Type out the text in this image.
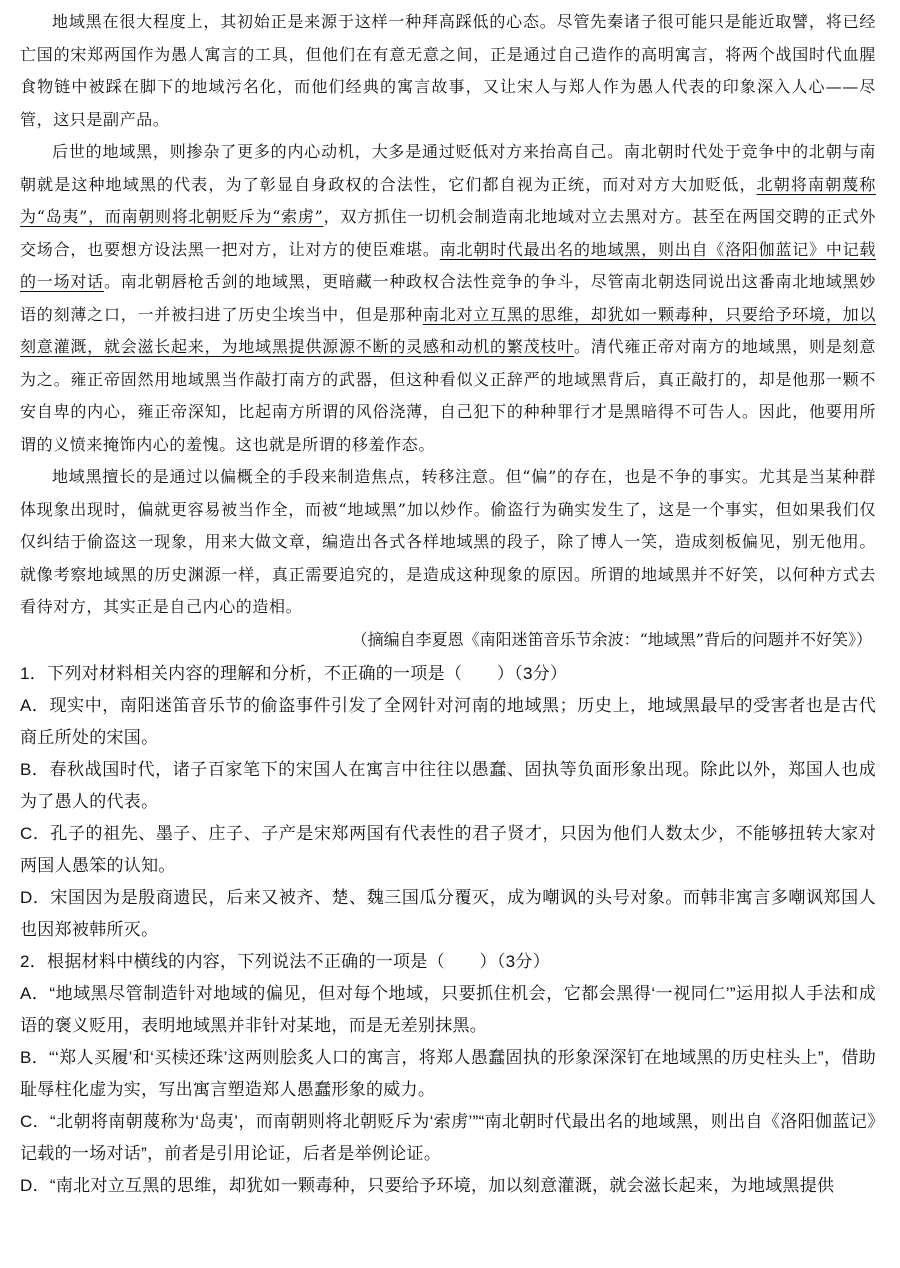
地域黑在很大程度上，其初始正是来源于这样一种拜高踩低的心态。尽管先秦诸子很可能只是能近取譬，将已经亡国的宋郑两国作为愚人寓言的工具，但他们在有意无意之间，正是通过自己造作的高明寓言，将两个战国时代血腥食物链中被踩在脚下的地域污名化，而他们经典的寓言故事，又让宋人与郑人作为愚人代表的印象深入人心——尽管，这只是副产品。

后世的地域黑，则掺杂了更多的内心动机，大多是通过贬低对方来抬高自己。南北朝时代处于竞争中的北朝与南朝就是这种地域黑的代表，为了彰显自身政权的合法性，它们都自视为正统，而对对方大加贬低，北朝将南朝蔑称为“岛夷”，而南朝则将北朝贬斥为“索虏”，双方抓住一切机会制造南北地域对立去黑对方。甚至在两国交聘的正式外交场合，也要想方设法黑一把对方，让对方的使臣难堪。南北朝时代最出名的地域黑，则出自《洛阳伽蓝记》中记载的一场对话。南北朝唇枪舌剑的地域黑，更暗藏一种政权合法性竞争的争斗，尽管南北朝迭同说出这番南北地域黑妙语的刻薄之口，一并被扫进了历史尘埃当中，但是那种南北对立互黑的思维，却犹如一颗毒种，只要给予环境，加以刻意灌溉，就会滋长起来，为地域黑提供源源不断的灵感和动机的繁茂枝叶。清代雍正帝对南方的地域黑，则是刻意为之。雍正帝固然用地域黑当作敲打南方的武器，但这种看似义正辞严的地域黑背后，真正敲打的，却是他那一颗不安自卑的内心，雍正帝深知，比起南方所谓的风俗浇薄，自己犯下的种种罪行才是黑暗得不可告人。因此，他要用所谓的义愤来掩饰内心的羞愧。这也就是所谓的移羞作态。

地域黑擅长的是通过以偏概全的手段来制造焦点，转移注意。但“偏”的存在，也是不争的事实。尤其是当某种群体现象出现时，偏就更容易被当作全，而被“地域黑”加以炒作。偷盗行为确实发生了，这是一个事实，但如果我们仅仅纠结于偷盗这一现象，用来大做文章，编造出各式各样地域黑的段子，除了博人一笑，造成刻板偏见，别无他用。就像考察地域黑的历史渊源一样，真正需要追究的，是造成这种现象的原因。所谓的地域黑并不好笑，以何种方式去看待对方，其实正是自己内心的造相。

（摘编自李夏恩《南阳迷笛音乐节余波：“地域黑”背后的问题并不好笑》）
1．下列对材料相关内容的理解和分析，不正确的一项是（　　）（3分）
A．现实中，南阳迷笛音乐节的偷盗事件引发了全网针对河南的地域黑；历史上，地域黑最早的受害者也是古代商丘所处的宋国。
B．春秋战国时代，诸子百家笔下的宋国人在寓言中往往以愚蠢、固执等负面形象出现。除此以外，郑国人也成为了愚人的代表。
C．孔子的祖先、墨子、庄子、子产是宋郑两国有代表性的君子贤才，只因为他们人数太少，不能够扭转大家对两国人愚笨的认知。
D．宋国因为是殷商遗民，后来又被齐、楚、魏三国瓜分覆灭，成为嘲讽的头号对象。而韩非寓言多嘲讽郑国人也因郑被韩所灭。
2．根据材料中横线的内容，下列说法不正确的一项是（　　）（3分）
A．“地域黑尽管制造针对地域的偏见，但对每个地域，只要抓住机会，它都会黑得‘一视同仁’”运用拟人手法和成语的褒义贬用，表明地域黑并非针对某地，而是无差别抹黑。
B．“‘郑人买履’和‘买椟还珠’这两则脍炙人口的寓言，将郑人愚蠢固执的形象深深钉在地域黑的历史柱头上”，借助耻辱柱化虚为实，写出寓言塑造郑人愚蠢形象的威力。
C．“北朝将南朝蔑称为‘岛夷’，而南朝则将北朝贬斥为‘索虏’”“南北朝时代最出名的地域黑，则出自《洛阳伽蓝记》记载的一场对话”，前者是引用论证，后者是举例论证。
D．“南北对立互黑的思维，却犹如一颗毒种，只要给予环境，加以刻意灌溉，就会滋长起来，为地域黑提供
